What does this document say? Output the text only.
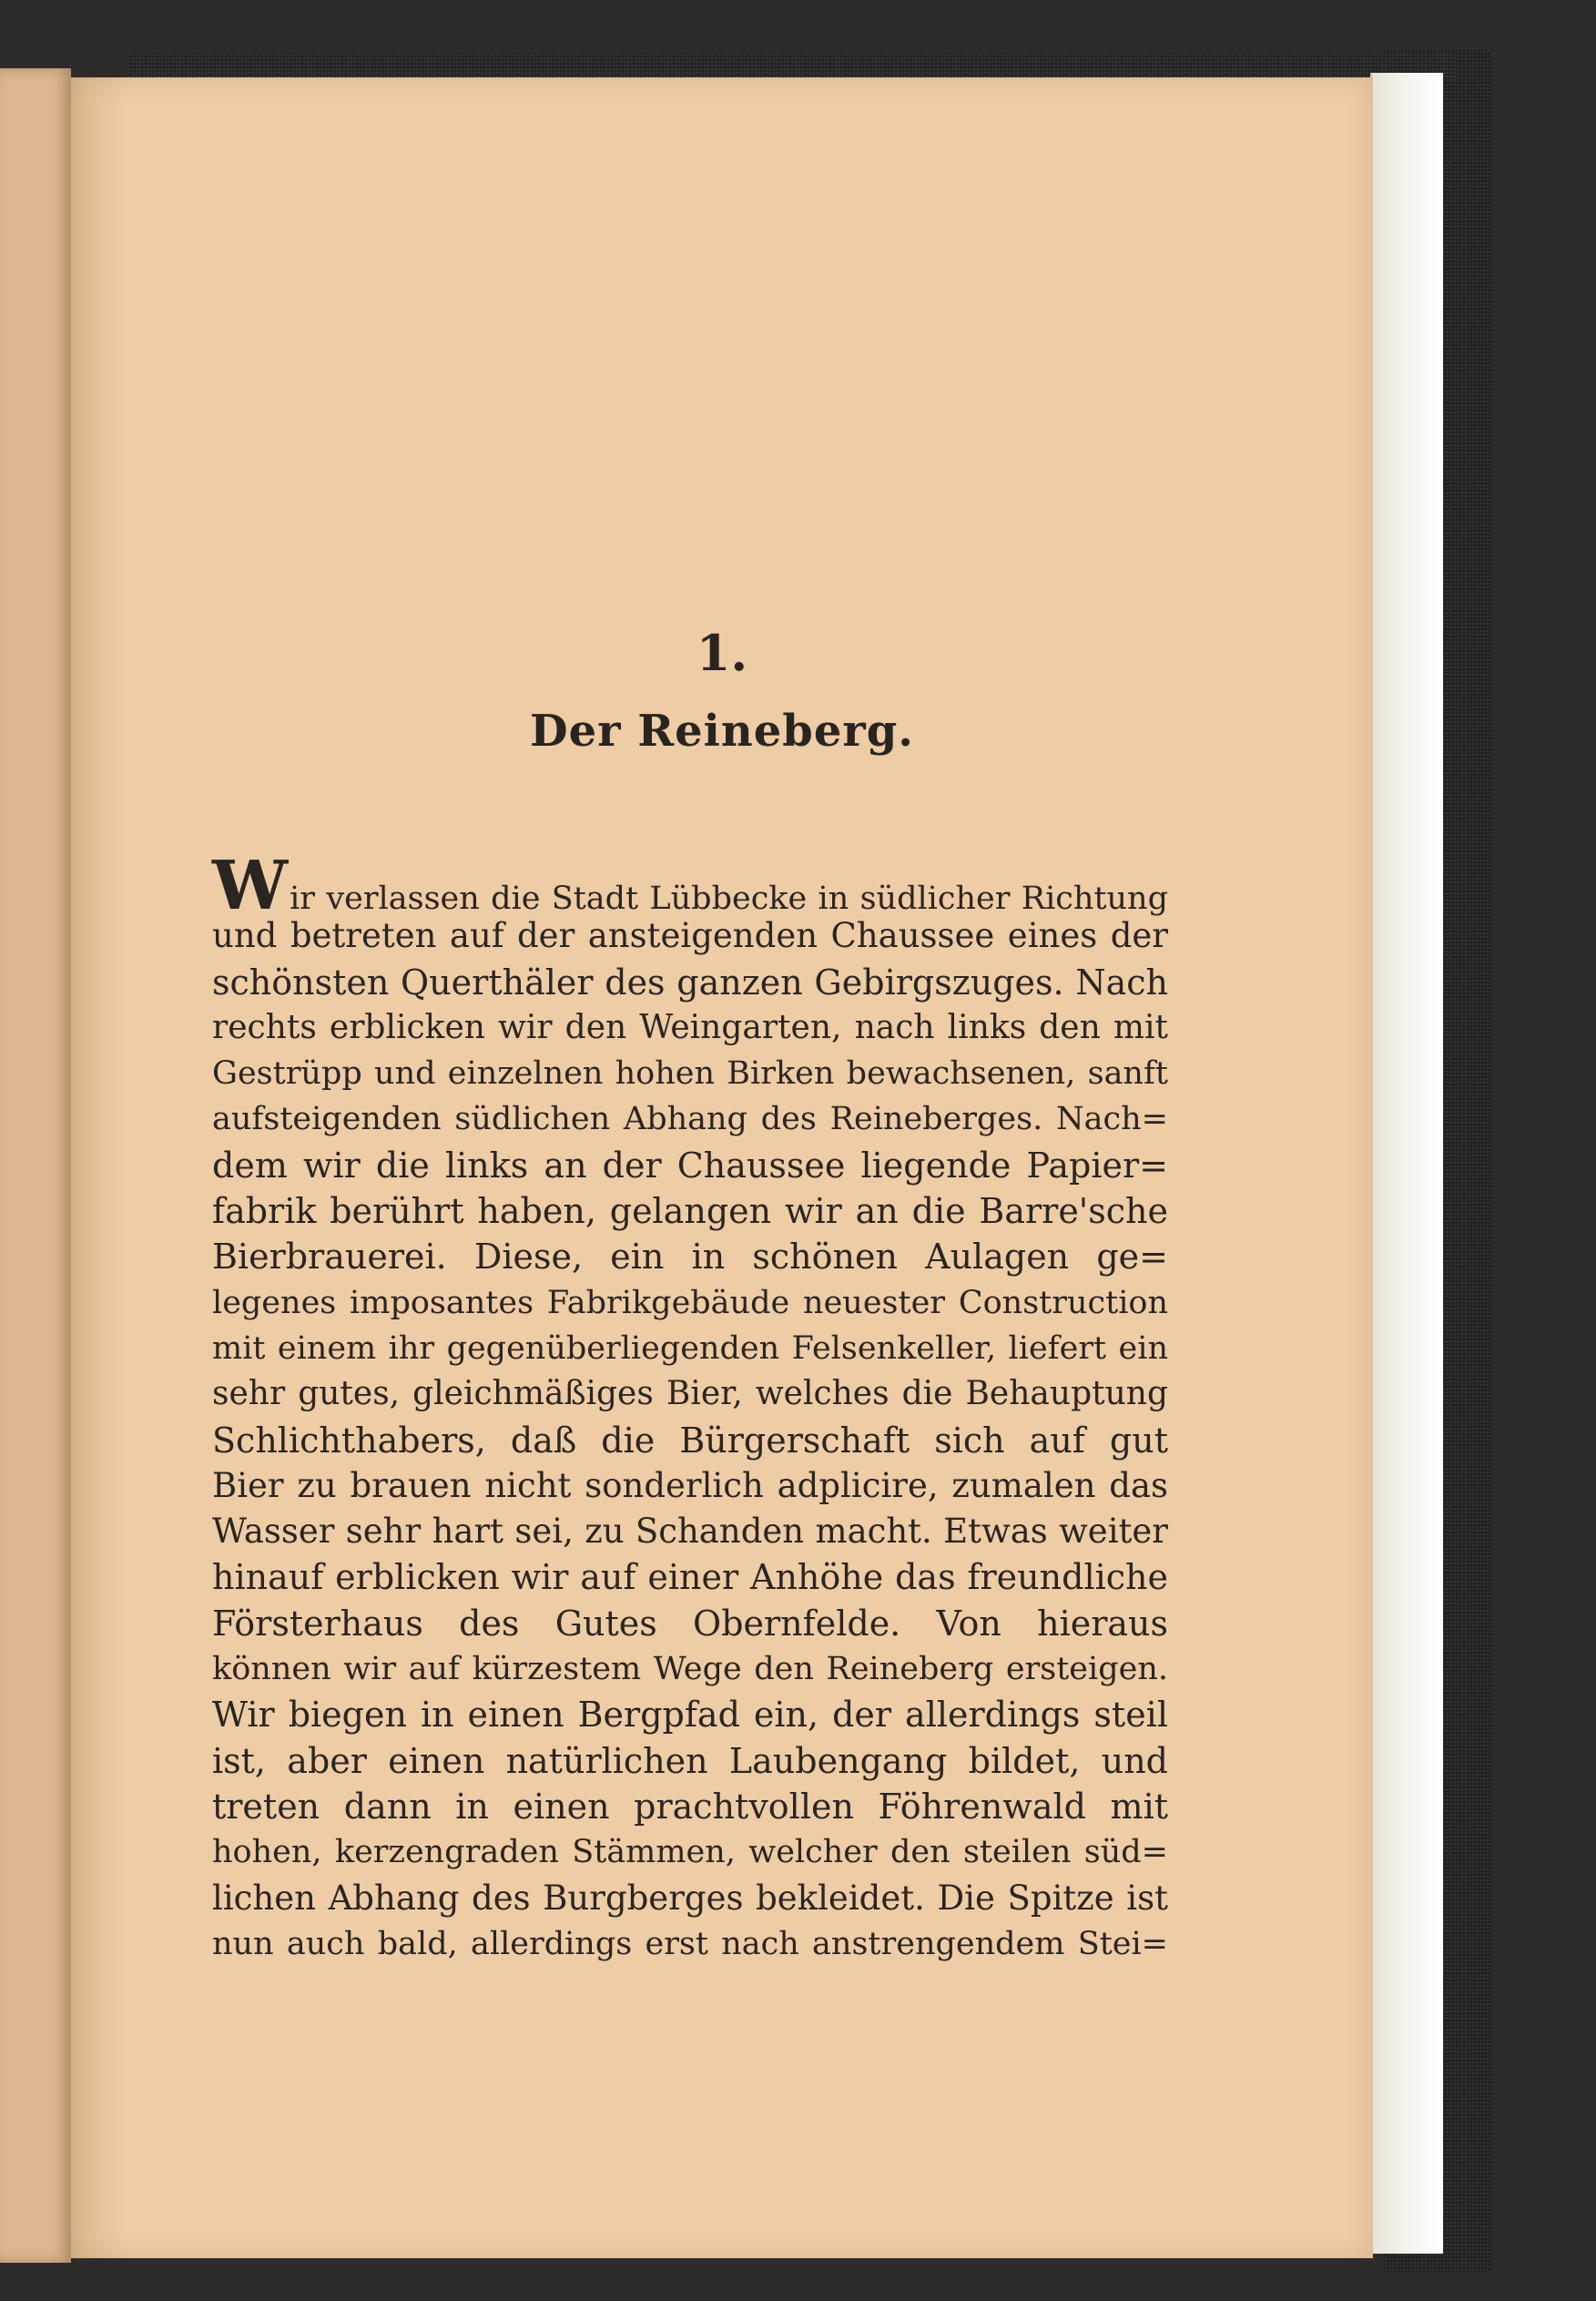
1.
Der Reineberg.
Wir verlassen die Stadt Lübbecke in südlicher Richtung
und betreten auf der ansteigenden Chaussee eines der
schönsten Querthäler des ganzen Gebirgszuges. Nach
rechts erblicken wir den Weingarten, nach links den mit
Gestrüpp und einzelnen hohen Birken bewachsenen, sanft
aufsteigenden südlichen Abhang des Reineberges. Nach=
dem wir die links an der Chaussee liegende Papier=
fabrik berührt haben, gelangen wir an die Barre'sche
Bierbrauerei. Diese, ein in schönen Aulagen ge=
legenes imposantes Fabrikgebäude neuester Construction
mit einem ihr gegenüberliegenden Felsenkeller, liefert ein
sehr gutes, gleichmäßiges Bier, welches die Behauptung
Schlichthabers, daß die Bürgerschaft sich auf gut
Bier zu brauen nicht sonderlich adplicire, zumalen das
Wasser sehr hart sei, zu Schanden macht. Etwas weiter
hinauf erblicken wir auf einer Anhöhe das freundliche
Försterhaus des Gutes Obernfelde. Von hieraus
können wir auf kürzestem Wege den Reineberg ersteigen.
Wir biegen in einen Bergpfad ein, der allerdings steil
ist, aber einen natürlichen Laubengang bildet, und
treten dann in einen prachtvollen Föhrenwald mit
hohen, kerzengraden Stämmen, welcher den steilen süd=
lichen Abhang des Burgberges bekleidet. Die Spitze ist
nun auch bald, allerdings erst nach anstrengendem Stei=
